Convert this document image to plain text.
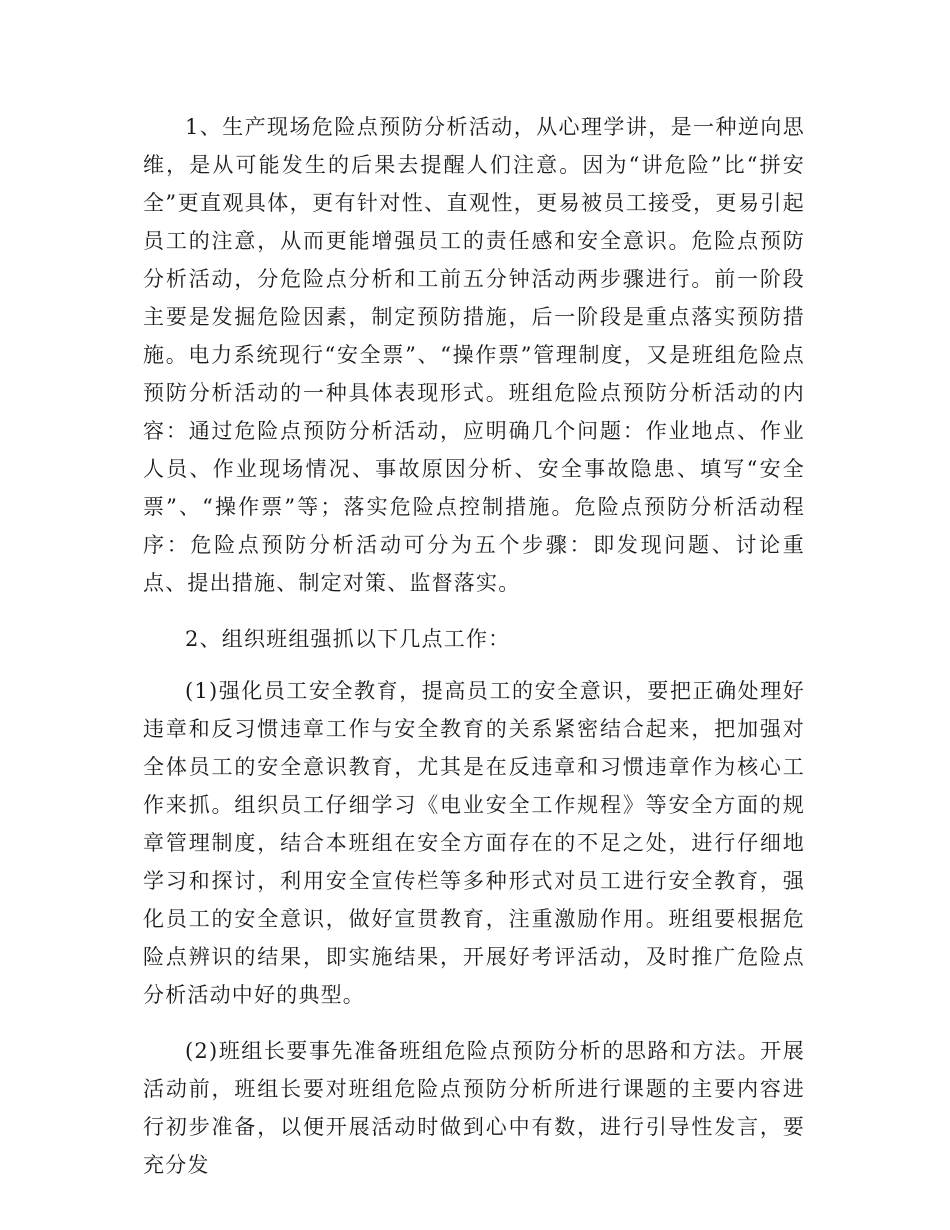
1、生产现场危险点预防分析活动，从心理学讲，是一种逆向思维，是从可能发生的后果去提醒人们注意。因为“讲危险”比“拼安全”更直观具体，更有针对性、直观性，更易被员工接受，更易引起员工的注意，从而更能增强员工的责任感和安全意识。危险点预防分析活动，分危险点分析和工前五分钟活动两步骤进行。前一阶段主要是发掘危险因素，制定预防措施，后一阶段是重点落实预防措施。电力系统现行“安全票”、“操作票”管理制度，又是班组危险点预防分析活动的一种具体表现形式。班组危险点预防分析活动的内容：通过危险点预防分析活动，应明确几个问题：作业地点、作业人员、作业现场情况、事故原因分析、安全事故隐患、填写“安全票”、“操作票”等；落实危险点控制措施。危险点预防分析活动程序：危险点预防分析活动可分为五个步骤：即发现问题、讨论重点、提出措施、制定对策、监督落实。

2、组织班组强抓以下几点工作：

(1)强化员工安全教育，提高员工的安全意识，要把正确处理好违章和反习惯违章工作与安全教育的关系紧密结合起来，把加强对全体员工的安全意识教育，尤其是在反违章和习惯违章作为核心工作来抓。组织员工仔细学习《电业安全工作规程》等安全方面的规章管理制度，结合本班组在安全方面存在的不足之处，进行仔细地学习和探讨，利用安全宣传栏等多种形式对员工进行安全教育，强化员工的安全意识，做好宣贯教育，注重激励作用。班组要根据危险点辨识的结果，即实施结果，开展好考评活动，及时推广危险点分析活动中好的典型。

(2)班组长要事先准备班组危险点预防分析的思路和方法。开展活动前，班组长要对班组危险点预防分析所进行课题的主要内容进行初步准备，以便开展活动时做到心中有数，进行引导性发言，要充分发
